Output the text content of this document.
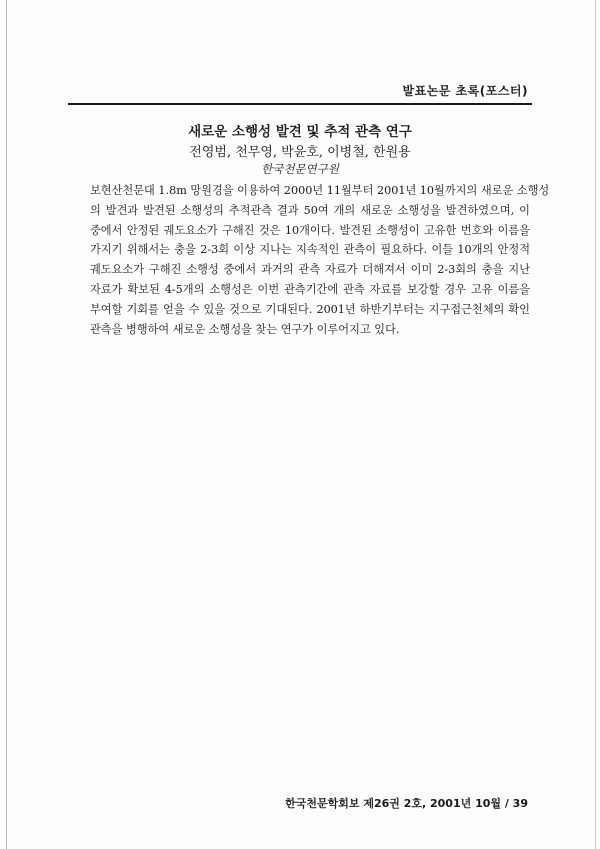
발표논문 초록(포스터)
새로운 소행성 발견 및 추적 관측 연구
전영범, 천무영, 박윤호, 이병철, 한원용
한국천문연구원
보현산천문대 1.8m 망원경을 이용하여 2000년 11월부터 2001년 10월까지의 새로운 소행성
의 발견과 발견된 소행성의 추적관측 결과 50여 개의 새로운 소행성을 발견하였으며, 이
중에서 안정된 궤도요소가 구해진 것은 10개이다. 발견된 소행성이 고유한 번호와 이름을
가지기 위해서는 충을 2-3회 이상 지나는 지속적인 관측이 필요하다. 이들 10개의 안정적
궤도요소가 구해진 소행성 중에서 과거의 관측 자료가 더해져서 이미 2-3회의 충을 지난
자료가 확보된 4-5개의 소행성은 이번 관측기간에 관측 자료를 보강할 경우 고유 이름을
부여할 기회를 얻을 수 있을 것으로 기대된다. 2001년 하반기부터는 지구접근천체의 확인
관측을 병행하여 새로운 소행성을 찾는 연구가 이루어지고 있다.
한국천문학회보 제26권 2호, 2001년 10월 / 39
